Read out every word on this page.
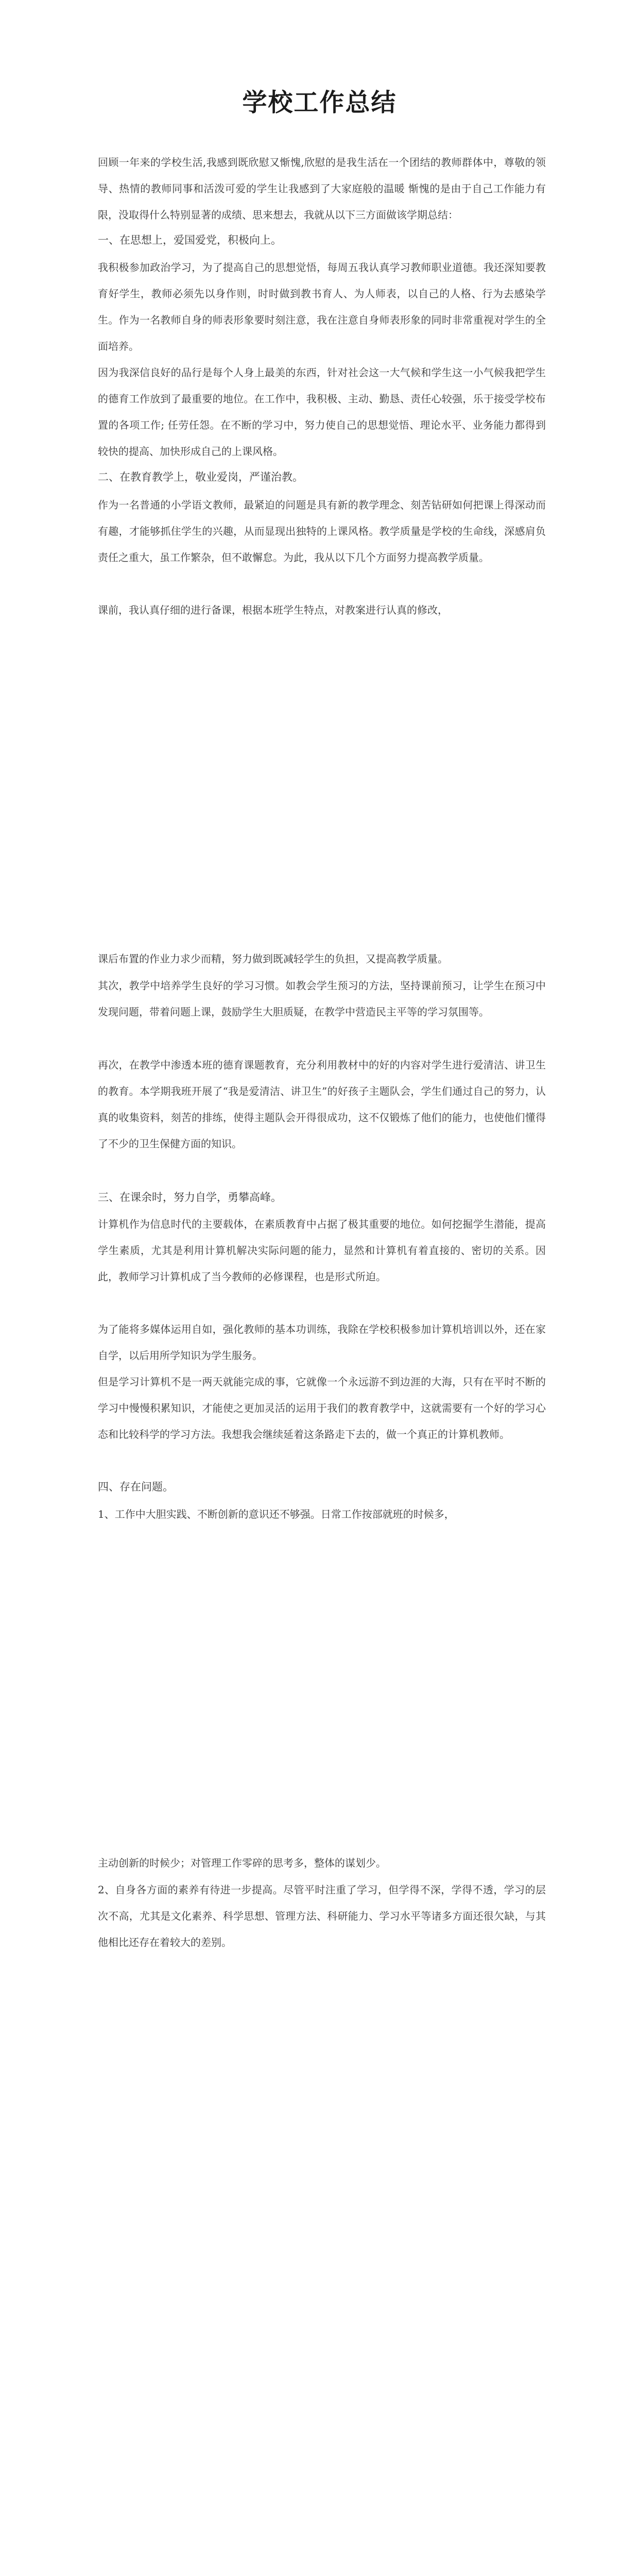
学校工作总结

回顾一年来的学校生活,我感到既欣慰又惭愧,欣慰的是我生活在一个团结的教师群体中，尊敬的领导、热情的教师同事和活泼可爱的学生让我感到了大家庭般的温暖 惭愧的是由于自己工作能力有限，没取得什么特别显著的成绩、思来想去，我就从以下三方面做该学期总结：

一、在思想上，爱国爱党，积极向上。

我积极参加政治学习，为了提高自己的思想觉悟，每周五我认真学习教师职业道德。我还深知要教育好学生，教师必须先以身作则，时时做到教书育人、为人师表，以自己的人格、行为去感染学生。作为一名教师自身的师表形象要时刻注意，我在注意自身师表形象的同时非常重视对学生的全面培养。

因为我深信良好的品行是每个人身上最美的东西，针对社会这一大气候和学生这一小气候我把学生的德育工作放到了最重要的地位。在工作中，我积极、主动、勤恳、责任心较强，乐于接受学校布置的各项工作; 任劳任怨。在不断的学习中，努力使自己的思想觉悟、理论水平、业务能力都得到较快的提高、加快形成自己的上课风格。

二、在教育教学上，敬业爱岗，严谨治教。

作为一名普通的小学语文教师，最紧迫的问题是具有新的教学理念、刻苦钻研如何把课上得深动而有趣，才能够抓住学生的兴趣，从而显现出独特的上课风格。教学质量是学校的生命线，深感肩负责任之重大，虽工作繁杂，但不敢懈怠。为此，我从以下几个方面努力提高教学质量。

课前，我认真仔细的进行备课，根据本班学生特点，对教案进行认真的修改，

课后布置的作业力求少而精，努力做到既减轻学生的负担，又提高教学质量。

其次，教学中培养学生良好的学习习惯。如教会学生预习的方法，坚持课前预习，让学生在预习中发现问题，带着问题上课，鼓励学生大胆质疑，在教学中营造民主平等的学习氛围等。

再次，在教学中渗透本班的德育课题教育，充分利用教材中的好的内容对学生进行爱清洁、讲卫生的教育。本学期我班开展了“我是爱清洁、讲卫生”的好孩子主题队会，学生们通过自己的努力，认真的收集资料，刻苦的排练，使得主题队会开得很成功，这不仅锻炼了他们的能力，也使他们懂得了不少的卫生保健方面的知识。

三、在课余时，努力自学，勇攀高峰。

计算机作为信息时代的主要载体，在素质教育中占据了极其重要的地位。如何挖掘学生潜能，提高学生素质，尤其是利用计算机解决实际问题的能力，显然和计算机有着直接的、密切的关系。因此，教师学习计算机成了当今教师的必修课程，也是形式所迫。

为了能将多媒体运用自如，强化教师的基本功训练，我除在学校积极参加计算机培训以外，还在家自学，以后用所学知识为学生服务。

但是学习计算机不是一两天就能完成的事，它就像一个永远游不到边涯的大海，只有在平时不断的学习中慢慢积累知识，才能使之更加灵活的运用于我们的教育教学中，这就需要有一个好的学习心态和比较科学的学习方法。我想我会继续延着这条路走下去的，做一个真正的计算机教师。

四、存在问题。

1、工作中大胆实践、不断创新的意识还不够强。日常工作按部就班的时候多，

主动创新的时候少；对管理工作零碎的思考多，整体的谋划少。

2、自身各方面的素养有待进一步提高。尽管平时注重了学习，但学得不深，学得不透，学习的层次不高，尤其是文化素养、科学思想、管理方法、科研能力、学习水平等诸多方面还很欠缺，与其他相比还存在着较大的差别。
